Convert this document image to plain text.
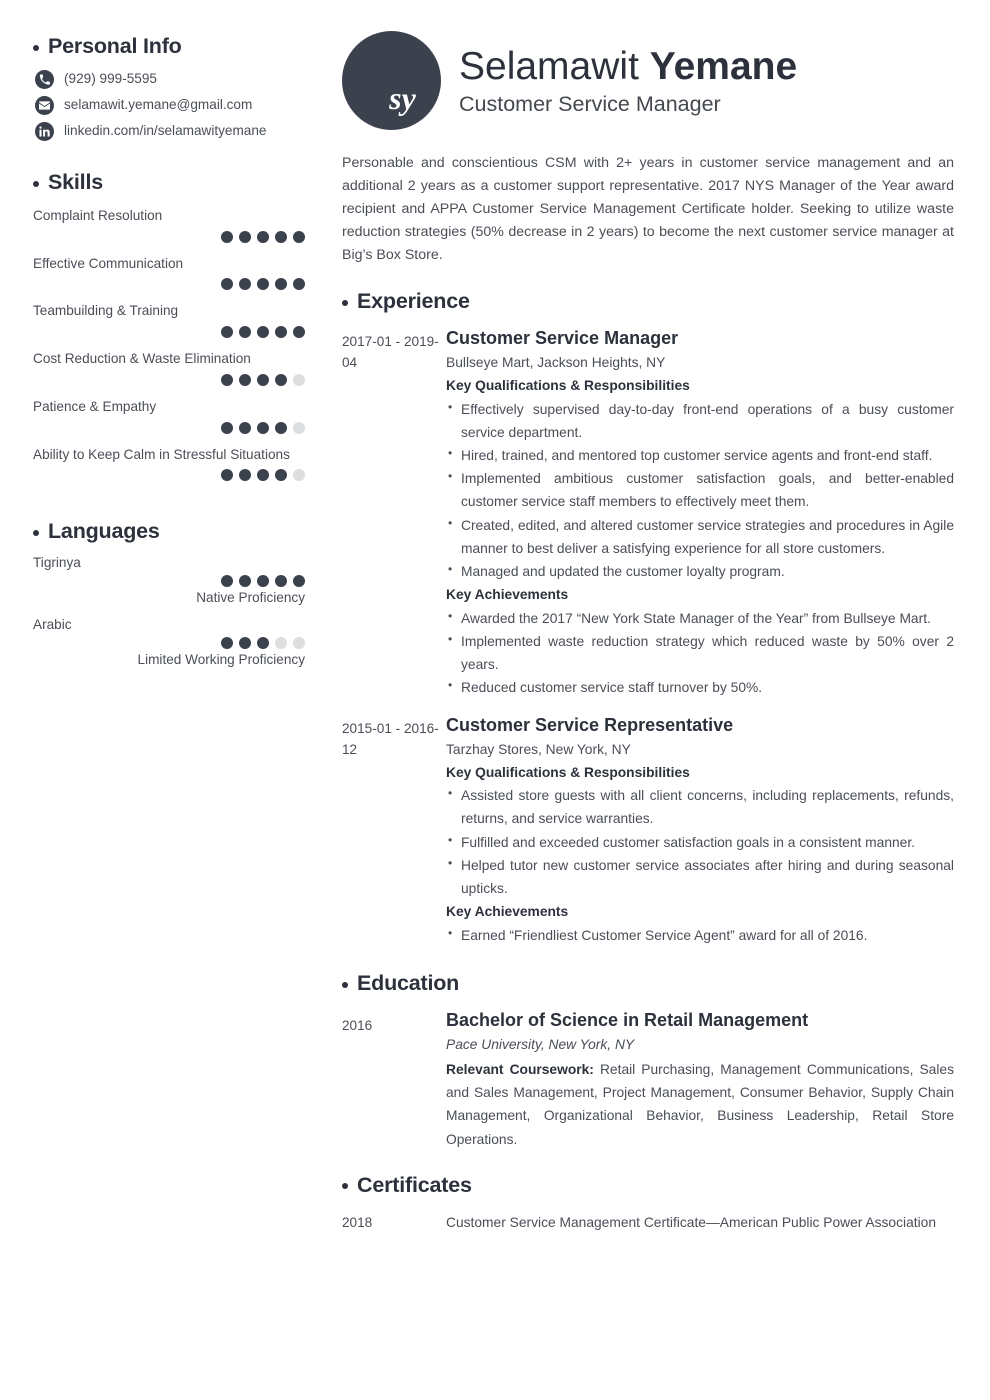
Personal Info
(929) 999-5595
selamawit.yemane@gmail.com
linkedin.com/in/selamawityemane
Skills
Complaint Resolution
Effective Communication
Teambuilding & Training
Cost Reduction & Waste Elimination
Patience & Empathy
Ability to Keep Calm in Stressful Situations
Languages
Tigrinya
Native Proficiency
Arabic
Limited Working Proficiency
sy
Selamawit Yemane
Customer Service Manager

Personable and conscientious CSM with 2+ years in customer service management and an additional 2 years as a customer support representative. 2017 NYS Manager of the Year award recipient and APPA Customer Service Management Certificate holder. Seeking to utilize waste reduction strategies (50% decrease in 2 years) to become the next customer service manager at Big’s Box Store.

Experience
2017-01 - 2019-04
Customer Service Manager
Bullseye Mart, Jackson Heights, NY
Key Qualifications & Responsibilities
• Effectively supervised day-to-day front-end operations of a busy customer service department.
• Hired, trained, and mentored top customer service agents and front-end staff.
• Implemented ambitious customer satisfaction goals, and better-enabled customer service staff members to effectively meet them.
• Created, edited, and altered customer service strategies and procedures in Agile manner to best deliver a satisfying experience for all store customers.
• Managed and updated the customer loyalty program.
Key Achievements
• Awarded the 2017 “New York State Manager of the Year” from Bullseye Mart.
• Implemented waste reduction strategy which reduced waste by 50% over 2 years.
• Reduced customer service staff turnover by 50%.
2015-01 - 2016-12
Customer Service Representative
Tarzhay Stores, New York, NY
Key Qualifications & Responsibilities
• Assisted store guests with all client concerns, including replacements, refunds, returns, and service warranties.
• Fulfilled and exceeded customer satisfaction goals in a consistent manner.
• Helped tutor new customer service associates after hiring and during seasonal upticks.
Key Achievements
• Earned “Friendliest Customer Service Agent” award for all of 2016.
Education
2016	Bachelor of Science in Retail Management
Pace University, New York, NY
Relevant Coursework: Retail Purchasing, Management Communications, Sales and Sales Management, Project Management, Consumer Behavior, Supply Chain Management, Organizational Behavior, Business Leadership, Retail Store Operations.
Certificates
2018	Customer Service Management Certificate—American Public Power Association
